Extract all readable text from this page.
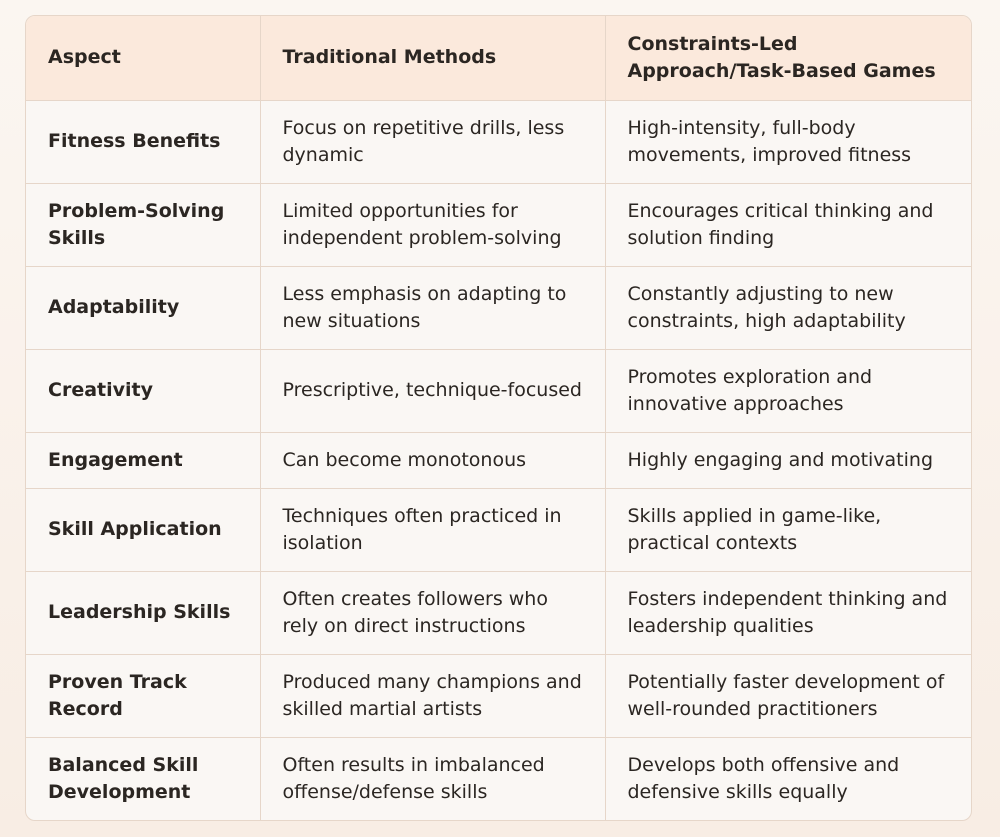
Aspect	Traditional Methods	Constraints-Led Approach/Task-Based Games
Fitness Benefits	Focus on repetitive drills, less dynamic	High-intensity, full-body movements, improved fitness
Problem-Solving Skills	Limited opportunities for independent problem-solving	Encourages critical thinking and solution finding
Adaptability	Less emphasis on adapting to new situations	Constantly adjusting to new constraints, high adaptability
Creativity	Prescriptive, technique-focused	Promotes exploration and innovative approaches
Engagement	Can become monotonous	Highly engaging and motivating
Skill Application	Techniques often practiced in isolation	Skills applied in game-like, practical contexts
Leadership Skills	Often creates followers who rely on direct instructions	Fosters independent thinking and leadership qualities
Proven Track Record	Produced many champions and skilled martial artists	Potentially faster development of well-rounded practitioners
Balanced Skill Development	Often results in imbalanced offense/defense skills	Develops both offensive and defensive skills equally
